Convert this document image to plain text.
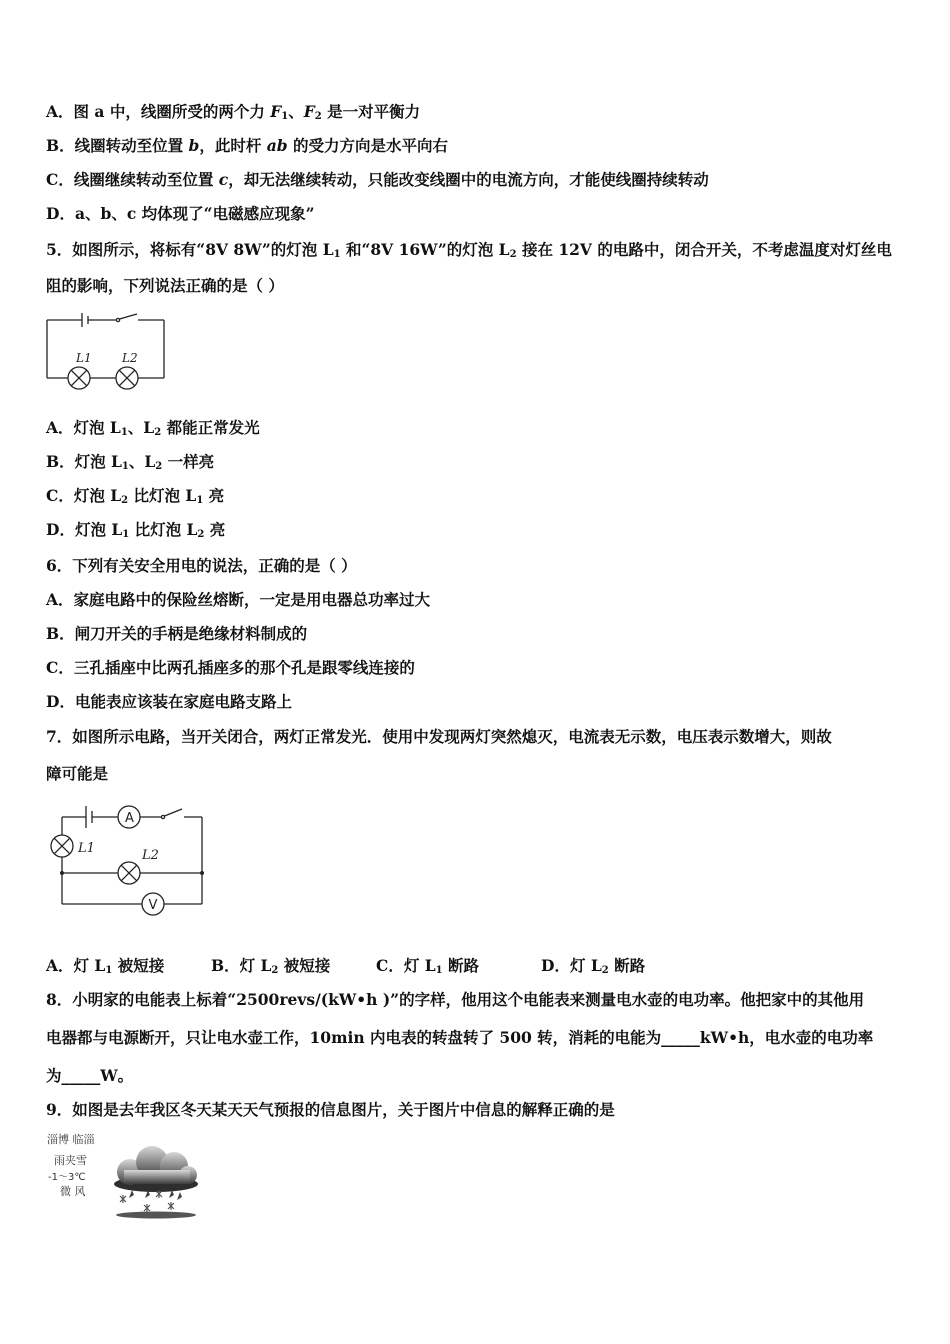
A．图 a 中，线圈所受的两个力 $F_1$、$F_2$ 是一对平衡力
B．线圈转动至位置 b，此时杆 ab 的受力方向是水平向右
C．线圈继续转动至位置 c，却无法继续转动，只能改变线圈中的电流方向，才能使线圈持续转动
D．a、b、c 均体现了“电磁感应现象”
5．如图所示，将标有“8V 8W”的灯泡 $L_1$ 和“8V 16W”的灯泡 $L_2$ 接在 12V 的电路中，闭合开关，不考虑温度对灯丝电
阻的影响，下列说法正确的是（ ）
L1	L2
A．灯泡 $L_1$、$L_2$ 都能正常发光
B．灯泡 $L_1$、$L_2$ 一样亮
C．灯泡 $L_2$ 比灯泡 $L_1$ 亮
D．灯泡 $L_1$ 比灯泡 $L_2$ 亮
6．下列有关安全用电的说法，正确的是（ ）
A．家庭电路中的保险丝熔断，一定是用电器总功率过大
B．闸刀开关的手柄是绝缘材料制成的
C．三孔插座中比两孔插座多的那个孔是跟零线连接的
D．电能表应该装在家庭电路支路上
7．如图所示电路，当开关闭合，两灯正常发光．使用中发现两灯突然熄灭，电流表无示数，电压表示数增大，则故
障可能是
A
V
L1	L2
A．灯 $L_1$ 被短接	B．灯 $L_2$ 被短接	C．灯 $L_1$ 断路	D．灯 $L_2$ 断路
8．小明家的电能表上标着“2500revs/(kW•h )”的字样，他用这个电能表来测量电水壶的电功率。他把家中的其他用
电器都与电源断开，只让电水壶工作，10min 内电表的转盘转了 500 转，消耗的电能为_____kW•h，电水壶的电功率
为_____W。
9．如图是去年我区冬天某天天气预报的信息图片，关于图片中信息的解释正确的是
淄博 临淄
雨夹雪
-1～3℃
微 风
